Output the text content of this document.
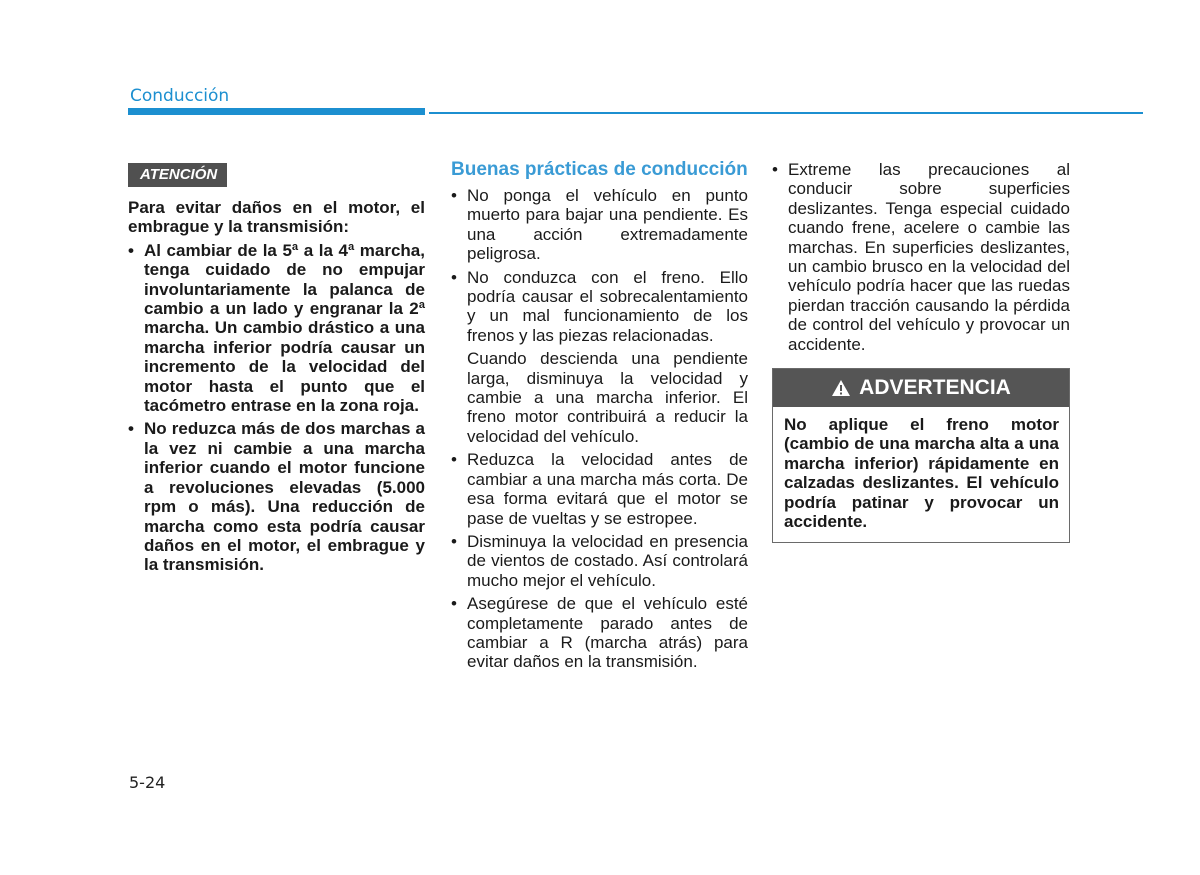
Conducción
ATENCIÓN
Para evitar daños en el motor, el embrague y la transmisión:
• Al cambiar de la 5ª a la 4ª marcha, tenga cuidado de no empujar involuntariamente la palanca de cambio a un lado y engranar la 2ª marcha. Un cambio drástico a una marcha inferior podría causar un incremento de la velocidad del motor hasta el punto que el tacómetro entrase en la zona roja.
• No reduzca más de dos marchas a la vez ni cambie a una marcha inferior cuando el motor funcione a revoluciones elevadas (5.000 rpm o más). Una reducción de marcha como esta podría causar daños en el motor, el embrague y la transmisión.
Buenas prácticas de conducción
• No ponga el vehículo en punto muerto para bajar una pendiente. Es una acción extremadamente peligrosa.
• No conduzca con el freno. Ello podría causar el sobrecalentamiento y un mal funcionamiento de los frenos y las piezas relacionadas.
Cuando descienda una pendiente larga, disminuya la velocidad y cambie a una marcha inferior. El freno motor contribuirá a reducir la velocidad del vehículo.
• Reduzca la velocidad antes de cambiar a una marcha más corta. De esa forma evitará que el motor se pase de vueltas y se estropee.
• Disminuya la velocidad en presencia de vientos de costado. Así controlará mucho mejor el vehículo.
• Asegúrese de que el vehículo esté completamente parado antes de cambiar a R (marcha atrás) para evitar daños en la transmisión.
• Extreme las precauciones al conducir sobre superficies deslizantes. Tenga especial cuidado cuando frene, acelere o cambie las marchas. En superficies deslizantes, un cambio brusco en la velocidad del vehículo podría hacer que las ruedas pierdan tracción causando la pérdida de control del vehículo y provocar un accidente.
ADVERTENCIA
No aplique el freno motor (cambio de una marcha alta a una marcha inferior) rápidamente en calzadas deslizantes. El vehículo podría patinar y provocar un accidente.
5-24
